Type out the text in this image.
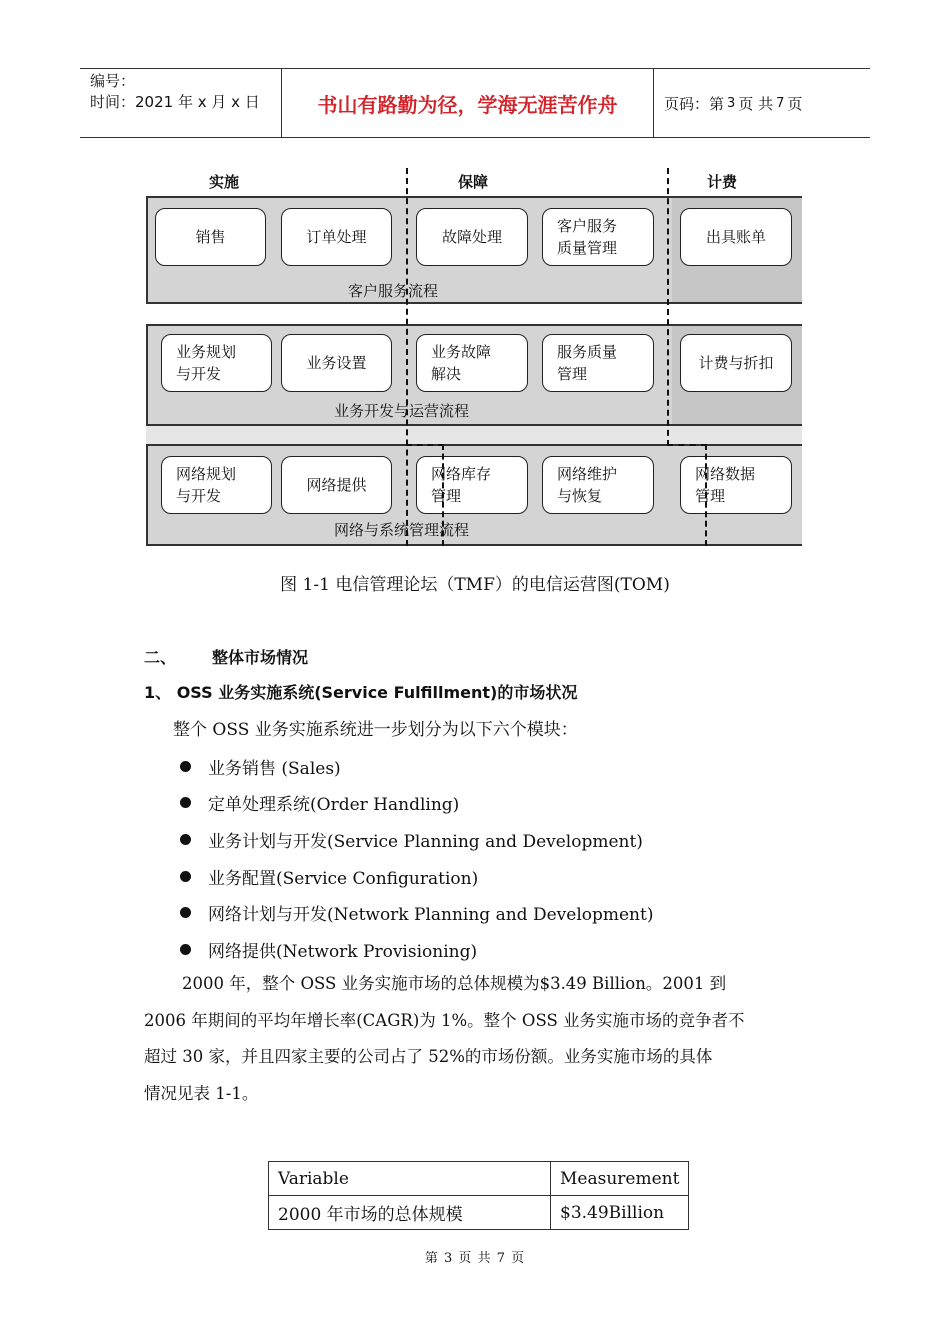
编号：
时间：2021 年 x 月 x 日	书山有路勤为径，学海无涯苦作舟	页码：第 3 页 共 7 页
实施	保障	计费
销售	订单处理	故障处理
客户服务
质量管理
出具账单
客户服务流程
业务规划
与开发
业务设置
业务故障
解决
服务质量
管理
计费与折扣
业务开发与运营流程
网络规划
与开发
网络提供
网络库存
管理
网络维护
与恢复
网络数据
管理
网络与系统管理流程
图 1-1 电信管理论坛（TMF）的电信运营图(TOM)
二、 整体市场情况
1、 OSS 业务实施系统(Service Fulfillment)的市场状况
整个 OSS 业务实施系统进一步划分为以下六个模块：
业务销售 (Sales)
定单处理系统(Order Handling)
业务计划与开发(Service Planning and Development)
业务配置(Service Configuration)
网络计划与开发(Network Planning and Development)
网络提供(Network Provisioning)
2000 年，整个 OSS 业务实施市场的总体规模为$3.49 Billion。2001 到
2006 年期间的平均年增长率(CAGR)为 1%。整个 OSS 业务实施市场的竞争者不
超过 30 家，并且四家主要的公司占了 52%的市场份额。业务实施市场的具体
情况见表 1-1。
Variable	Measurement
2000 年市场的总体规模	$3.49Billion
第 3 页 共 7 页
